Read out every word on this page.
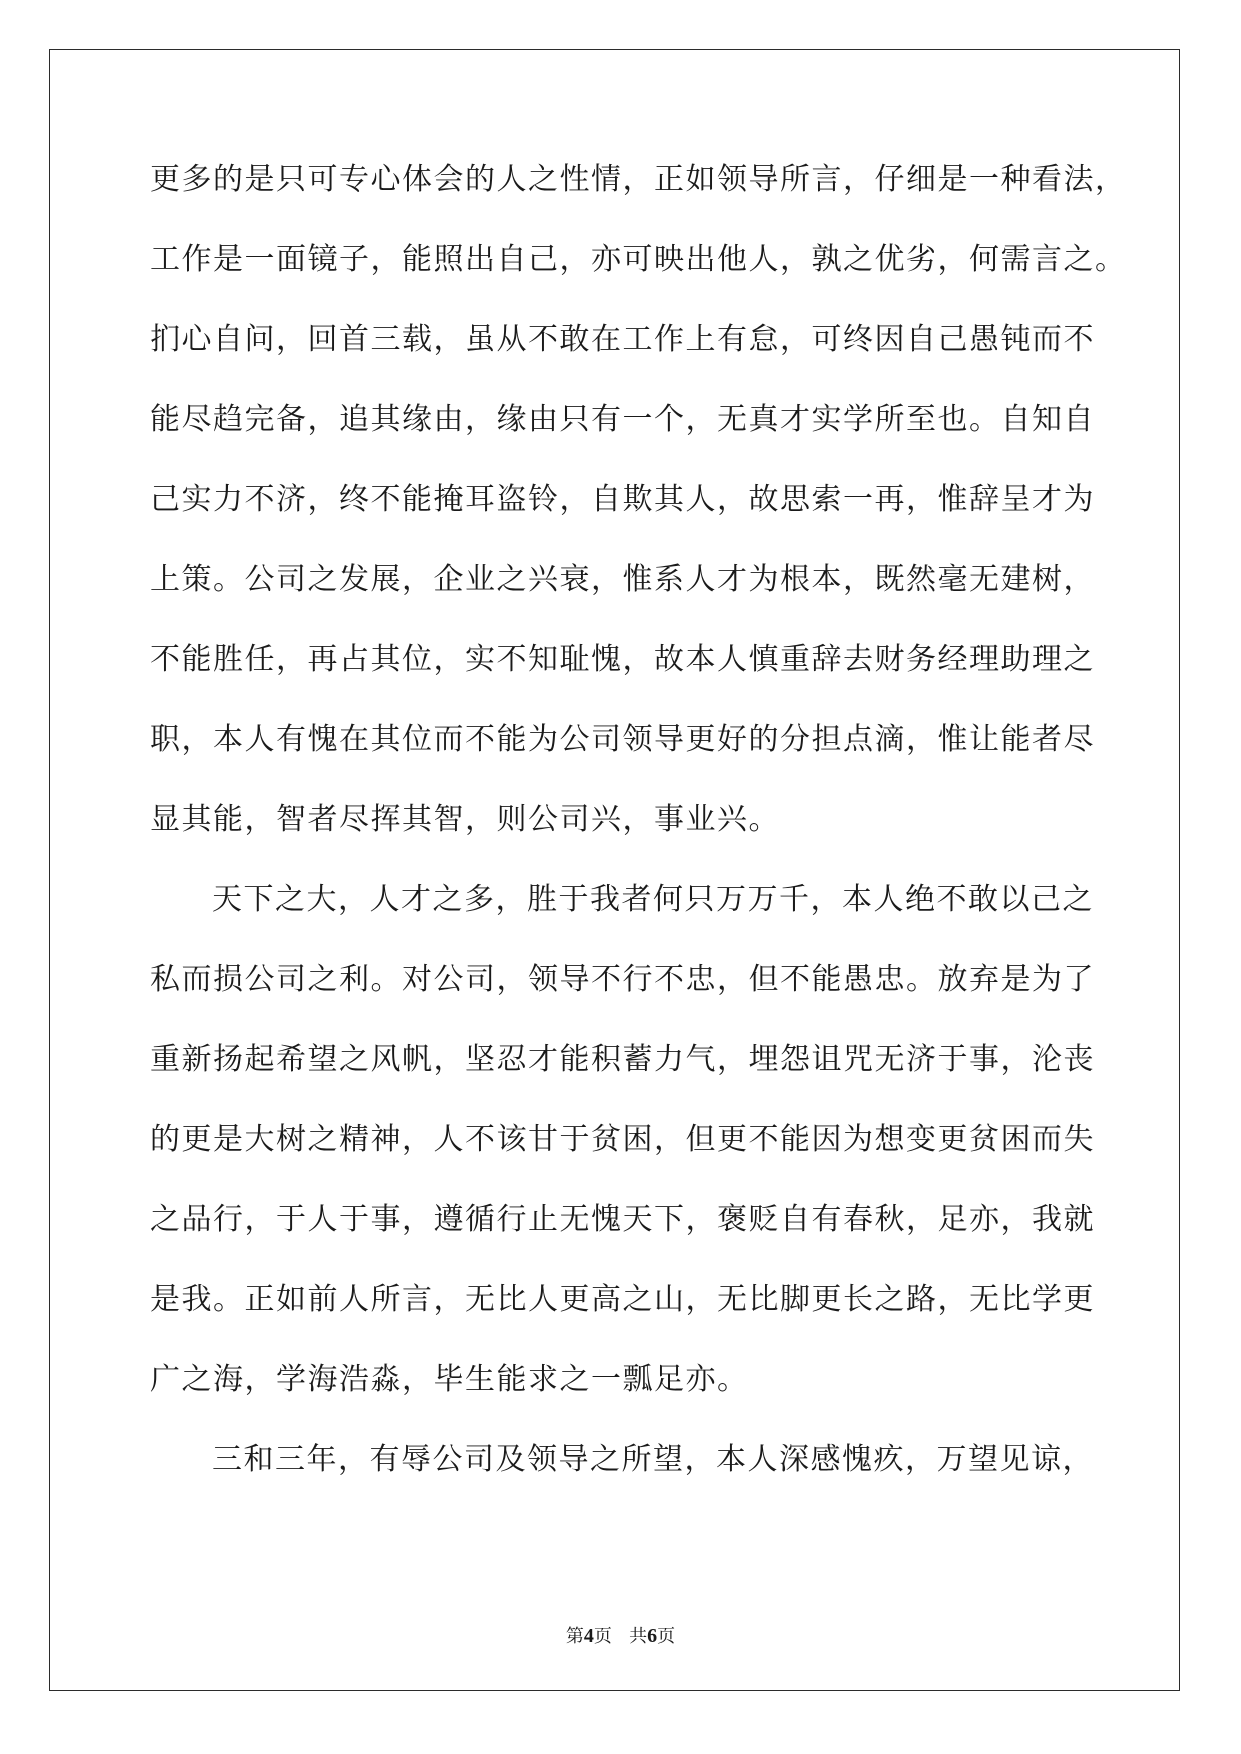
更多的是只可专心体会的人之性情，正如领导所言，仔细是一种看法，
工作是一面镜子，能照出自己，亦可映出他人，孰之优劣，何需言之。
扪心自问，回首三载，虽从不敢在工作上有怠，可终因自己愚钝而不
能尽趋完备，追其缘由，缘由只有一个，无真才实学所至也。自知自
己实力不济，终不能掩耳盗铃，自欺其人，故思索一再，惟辞呈才为
上策。公司之发展，企业之兴衰，惟系人才为根本，既然毫无建树，
不能胜任，再占其位，实不知耻愧，故本人慎重辞去财务经理助理之
职，本人有愧在其位而不能为公司领导更好的分担点滴，惟让能者尽
显其能，智者尽挥其智，则公司兴，事业兴。
天下之大，人才之多，胜于我者何只万万千，本人绝不敢以己之
私而损公司之利。对公司，领导不行不忠，但不能愚忠。放弃是为了
重新扬起希望之风帆，坚忍才能积蓄力气，埋怨诅咒无济于事，沦丧
的更是大树之精神，人不该甘于贫困，但更不能因为想变更贫困而失
之品行，于人于事，遵循行止无愧天下，褒贬自有春秋，足亦，我就
是我。正如前人所言，无比人更高之山，无比脚更长之路，无比学更
广之海，学海浩淼，毕生能求之一瓢足亦。
三和三年，有辱公司及领导之所望，本人深感愧疚，万望见谅，
第4页 共6页
